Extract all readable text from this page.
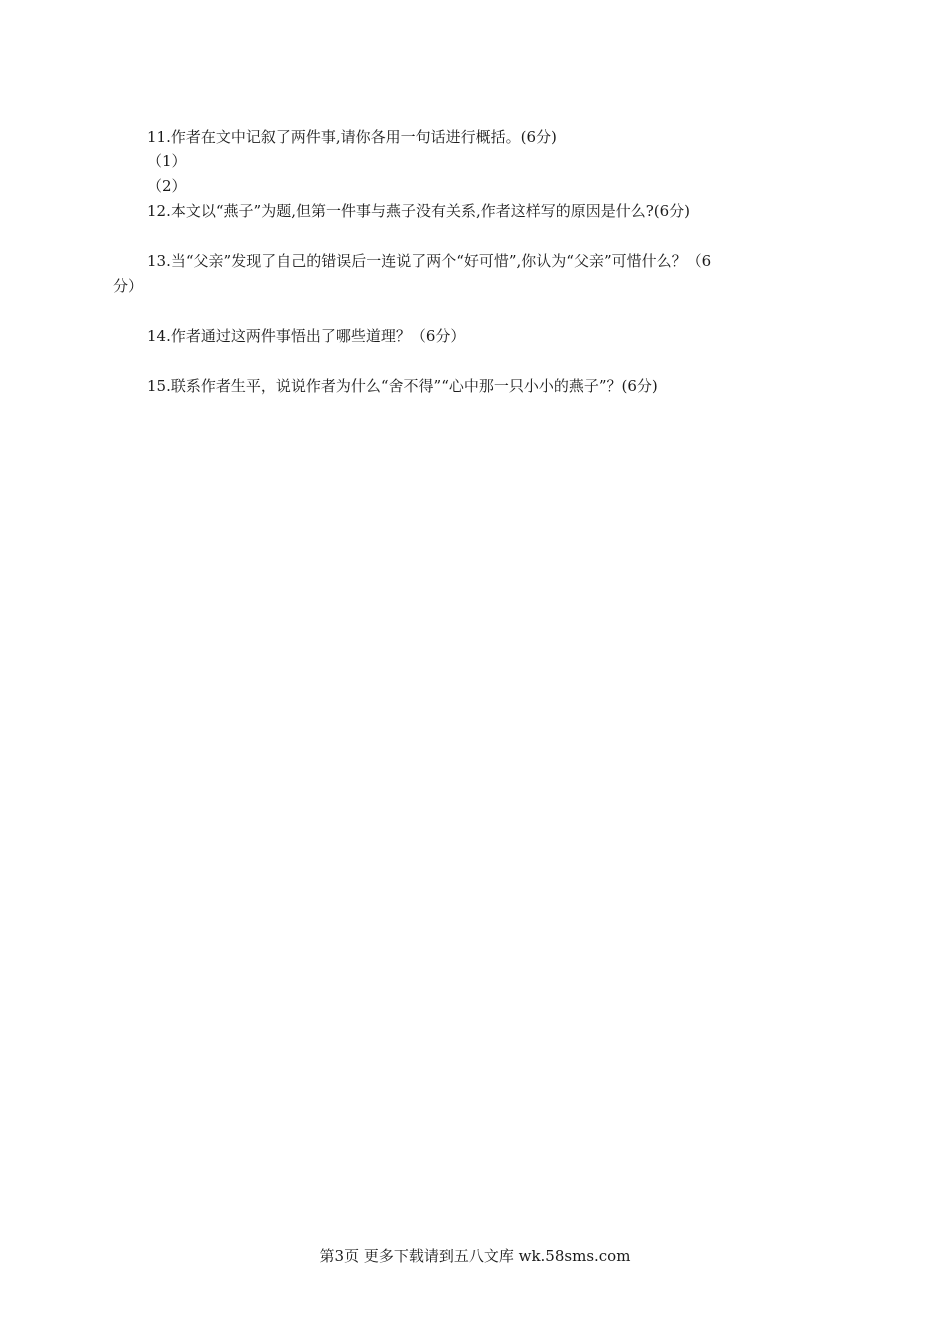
11.作者在文中记叙了两件事,请你各用一句话进行概括。(6分)
（1）
（2）
12.本文以“燕子”为题,但第一件事与燕子没有关系,作者这样写的原因是什么?(6分)
13.当“父亲”发现了自己的错误后一连说了两个“好可惜”,你认为“父亲”可惜什么？（6
分）
14.作者通过这两件事悟出了哪些道理？（6分）
15.联系作者生平，说说作者为什么“舍不得”“心中那一只小小的燕子”？(6分)
第3页 更多下载请到五八文库 wk.58sms.com
